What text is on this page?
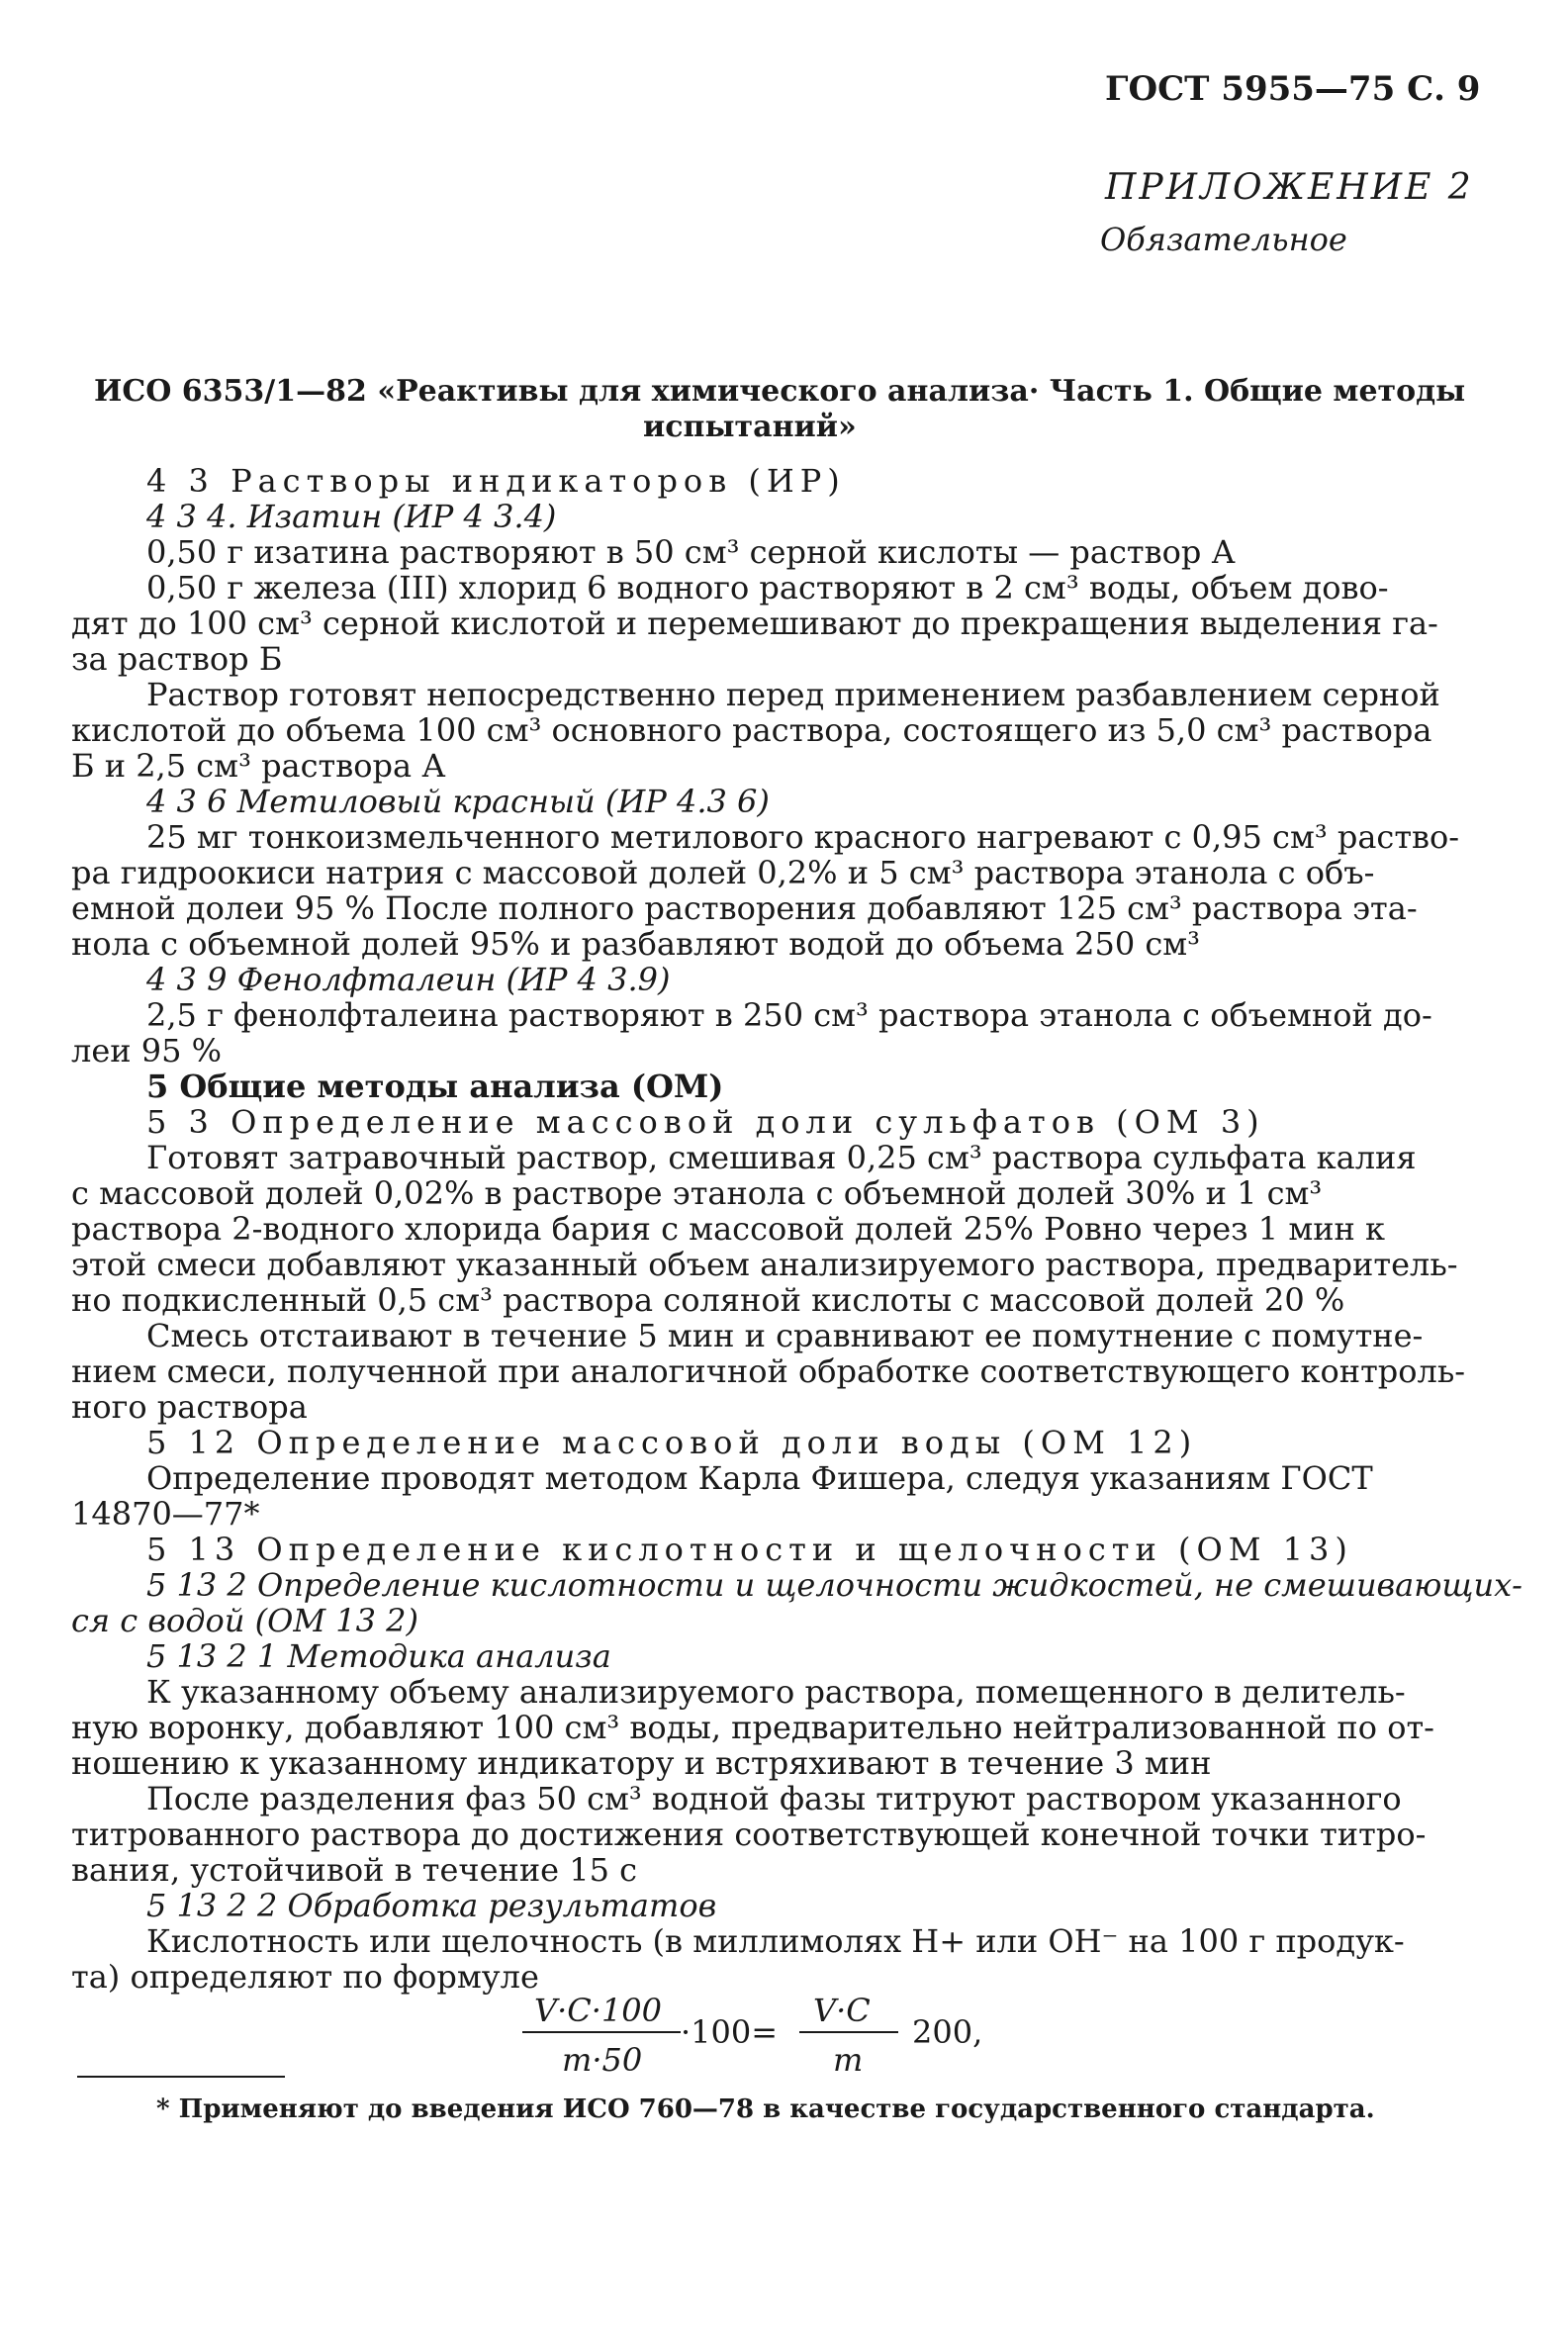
ГОСТ 5955—75 С. 9
ПРИЛОЖЕНИЕ 2
Обязательное
ИСО 6353/1—82 «Реактивы для химического анализа· Часть 1. Общие методы
испытаний»
4 3 Растворы индикаторов (ИР)
4 3 4. Изатин (ИР 4 3.4)
0,50 г изатина растворяют в 50 см³ серной кислоты — раствор А
0,50 г железа (III) хлорид 6 водного растворяют в 2 см³ воды, объем дово-
дят до 100 см³ серной кислотой и перемешивают до прекращения выделения га-
за раствор Б
Раствор готовят непосредственно перед применением разбавлением серной
кислотой до объема 100 см³ основного раствора, состоящего из 5,0 см³ раствора
Б и 2,5 см³ раствора А
4 3 6 Метиловый красный (ИР 4.3 6)
25 мг тонкоизмельченного метилового красного нагревают с 0,95 см³ раство-
ра гидроокиси натрия с массовой долей 0,2% и 5 см³ раствора этанола с объ-
емной долеи 95 % После полного растворения добавляют 125 см³ раствора эта-
нола с объемной долей 95% и разбавляют водой до объема 250 см³
4 3 9 Фенолфталеин (ИР 4 3.9)
2,5 г фенолфталеина растворяют в 250 см³ раствора этанола с объемной до-
леи 95 %
5 Общие методы анализа (ОМ)
5 3 Определение массовой доли сульфатов (ОМ 3)
Готовят затравочный раствор, смешивая 0,25 см³ раствора сульфата калия
с массовой долей 0,02% в растворе этанола с объемной долей 30% и 1 см³
раствора 2-водного хлорида бария с массовой долей 25% Ровно через 1 мин к
этой смеси добавляют указанный объем анализируемого раствора, предваритель-
но подкисленный 0,5 см³ раствора соляной кислоты с массовой долей 20 %
Смесь отстаивают в течение 5 мин и сравнивают ее помутнение с помутне-
нием смеси, полученной при аналогичной обработке соответствующего контроль-
ного раствора
5 12 Определение массовой доли воды (ОМ 12)
Определение проводят методом Карла Фишера, следуя указаниям ГОСТ
14870—77*
5 13 Определение кислотности и щелочности (ОМ 13)
5 13 2 Определение кислотности и щелочности жидкостей, не смешивающих-
ся с водой (ОМ 13 2)
5 13 2 1 Методика анализа
К указанному объему анализируемого раствора, помещенного в делитель-
ную воронку, добавляют 100 см³ воды, предварительно нейтрализованной по от-
ношению к указанному индикатору и встряхивают в течение 3 мин
После разделения фаз 50 см³ водной фазы титруют раствором указанного
титрованного раствора до достижения соответствующей конечной точки титро-
вания, устойчивой в течение 15 с
5 13 2 2 Обработка результатов
Кислотность или щелочность (в миллимолях Н+ или ОН⁻ на 100 г продук-
та) определяют по формуле
V·C·100
m·50
·100=
V·C
m
200,
* Применяют до введения ИСО 760—78 в качестве государственного стандарта.
